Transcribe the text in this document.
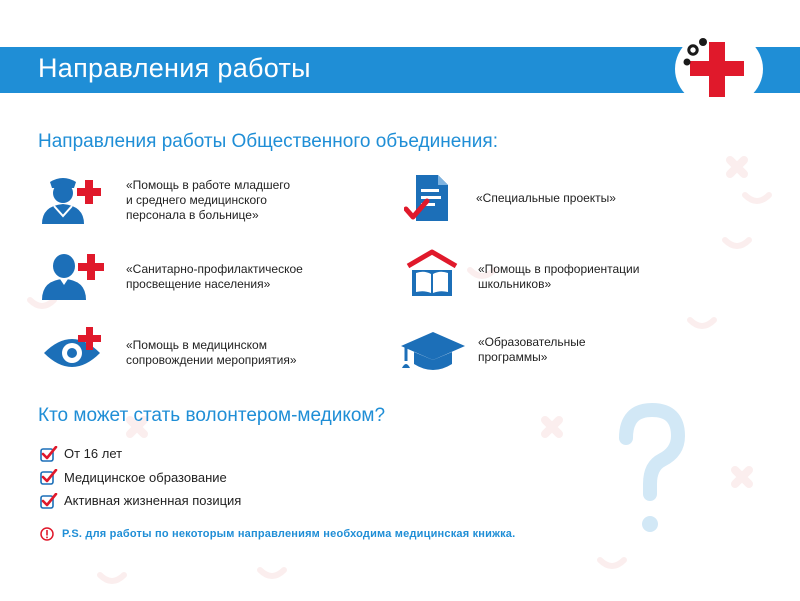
Направления работы
Направления работы Общественного объединения:
«Помощь в работе младшего
и среднего медицинского
персонала в больнице»
«Специальные проекты»
«Санитарно-профилактическое
просвещение населения»
«Помощь в профориентации
школьников»
«Помощь в медицинском
сопровождении мероприятия»
«Образовательные
программы»
Кто может стать волонтером-медиком?
От 16 лет
Медицинское образование
Активная жизненная позиция
P.S. для работы по некоторым направлениям необходима медицинская книжка.
